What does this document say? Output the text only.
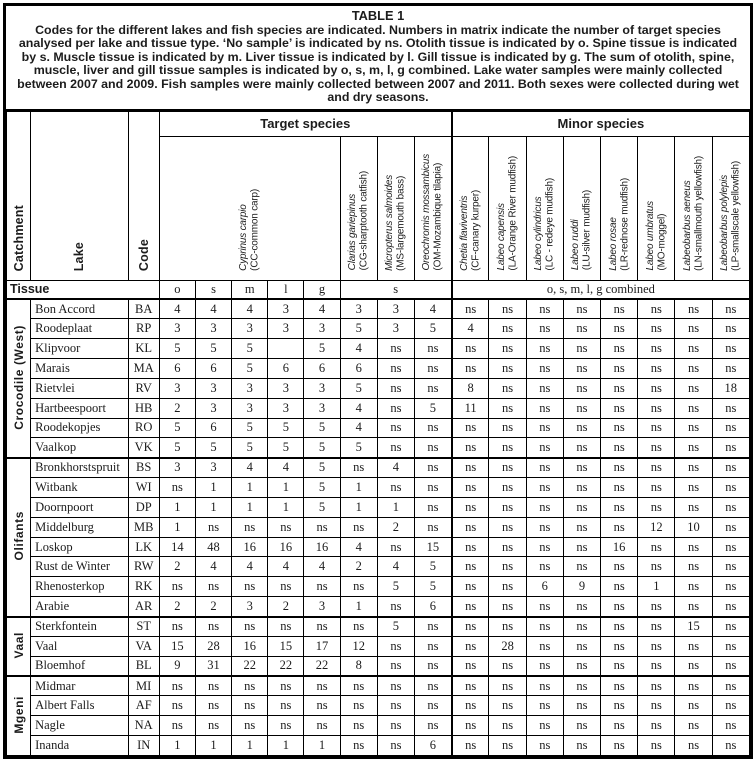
TABLE 1
Codes for the different lakes and fish species are indicated. Numbers in matrix indicate the number of target species analysed per lake and tissue type. ‘No sample’ is indicated by ns. Otolith tissue is indicated by o. Spine tissue is indicated by s. Muscle tissue is indicated by m. Liver tissue is indicated by l. Gill tissue is indicated by g. The sum of otolith, spine, muscle, liver and gill tissue samples is indicated by o, s, m, l, g combined. Lake water samples were mainly collected between 2007 and 2009. Fish samples were mainly collected between 2007 and 2011. Both sexes were collected during wet and dry seasons.
Catchment	Lake	Code	Target species								Minor species							

Cyprinus carpio (CC-common carp)	Clarias gariepinus (CG-sharptooth catfish)	Micropterus salmoides (MS-largemouth bass)	Oreochromis mossambicus (OM-Mozambique tilapia)	Chetia flaviventris (CF-canary kurper)	Labeo capensis (LA-Orange River mudfish)	Labeo cylindricus (LC - redeye mudfish)	Labeo ruddi (LU-silver mudfish)	Labeo rosae (LR-rednose mudfish)	Labeo umbratus (MO-moggel)	Labeobarbus aeneus (LN-smallmouth yellowfish)	Labeobarbus polylepis (LP-smallscale yellowfish)

Tissue			o	s	m	l	g	s			o, s, m, l, g combined							
Crocodile (West)	Bon Accord	BA	4	4	4	3	4	3	3	4	ns	ns	ns	ns	ns	ns	ns	ns
	Roodeplaat	RP	3	3	3	3	3	5	3	5	4	ns	ns	ns	ns	ns	ns	ns
	Klipvoor	KL	5	5	5		5	4	ns	ns	ns	ns	ns	ns	ns	ns	ns	ns
	Marais	MA	6	6	5	6	6	6	ns	ns	ns	ns	ns	ns	ns	ns	ns	ns
	Rietvlei	RV	3	3	3	3	3	5	ns	ns	8	ns	ns	ns	ns	ns	ns	18
	Hartbeespoort	HB	2	3	3	3	3	4	ns	5	11	ns	ns	ns	ns	ns	ns	ns
	Roodekopjes	RO	5	6	5	5	5	4	ns	ns	ns	ns	ns	ns	ns	ns	ns	ns
	Vaalkop	VK	5	5	5	5	5	5	ns	ns	ns	ns	ns	ns	ns	ns	ns	ns
Olifants	Bronkhorstspruit	BS	3	3	4	4	5	ns	4	ns	ns	ns	ns	ns	ns	ns	ns	ns
	Witbank	WI	ns	1	1	1	5	1	ns	ns	ns	ns	ns	ns	ns	ns	ns	ns
	Doornpoort	DP	1	1	1	1	5	1	1	ns	ns	ns	ns	ns	ns	ns	ns	ns
	Middelburg	MB	1	ns	ns	ns	ns	ns	2	ns	ns	ns	ns	ns	ns	12	10	ns
	Loskop	LK	14	48	16	16	16	4	ns	15	ns	ns	ns	ns	16	ns	ns	ns
	Rust de Winter	RW	2	4	4	4	4	2	4	5	ns	ns	ns	ns	ns	ns	ns	ns
	Rhenosterkop	RK	ns	ns	ns	ns	ns	ns	5	5	ns	ns	6	9	ns	1	ns	ns
	Arabie	AR	2	2	3	2	3	1	ns	6	ns	ns	ns	ns	ns	ns	ns	ns
Vaal	Sterkfontein	ST	ns	ns	ns	ns	ns	ns	5	ns	ns	ns	ns	ns	ns	ns	15	ns
	Vaal	VA	15	28	16	15	17	12	ns	ns	ns	28	ns	ns	ns	ns	ns	ns
	Bloemhof	BL	9	31	22	22	22	8	ns	ns	ns	ns	ns	ns	ns	ns	ns	ns
Mgeni	Midmar	MI	ns	ns	ns	ns	ns	ns	ns	ns	ns	ns	ns	ns	ns	ns	ns	ns
	Albert Falls	AF	ns	ns	ns	ns	ns	ns	ns	ns	ns	ns	ns	ns	ns	ns	ns	ns
	Nagle	NA	ns	ns	ns	ns	ns	ns	ns	ns	ns	ns	ns	ns	ns	ns	ns	ns
	Inanda	IN	1	1	1	1	1	ns	ns	6	ns	ns	ns	ns	ns	ns	ns	ns
